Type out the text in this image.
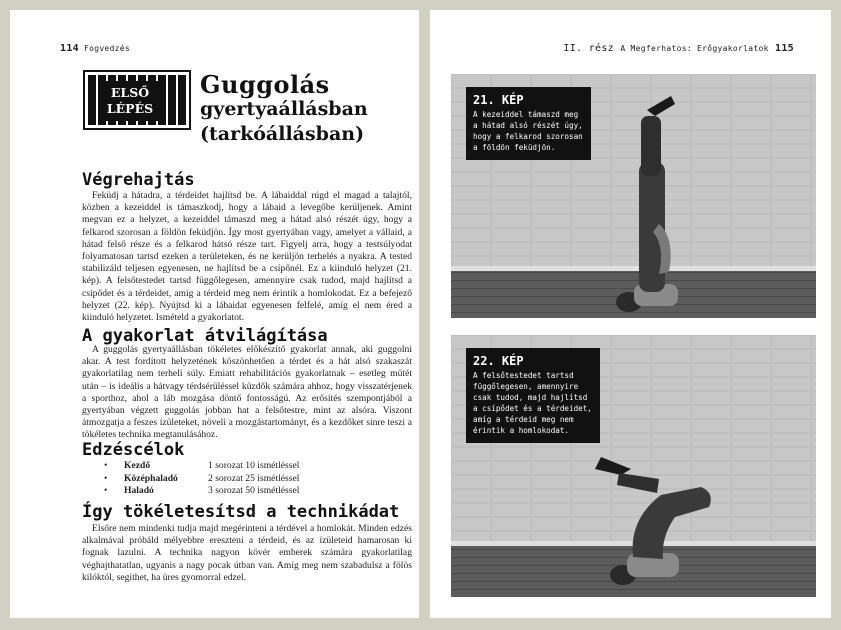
114 Fogvedzés
ELSŐ
LÉPÉS
Guggolás
gyertyaállásban
(tarkóállásban)
Végrehajtás

Feküdj a hátadra, a térdeidet hajlítsd be. A lábaiddal rúgd el magad a talajtól, közben a kezeiddel is támaszkodj, hogy a lábaid a levegőbe kerüljenek. Amint megvan ez a helyzet, a kezeiddel támaszd meg a hátad alsó részét úgy, hogy a felkarod szorosan a földön feküdjön. Így most gyertyában vagy, amelyet a vállaid, a hátad felső része és a felkarod hátsó része tart. Figyelj arra, hogy a testsúlyodat folyamatosan tartsd ezeken a területeken, és ne kerüljön terhelés a nyakra. A tested stabilizáld teljesen egyenesen, ne hajlítsd be a csípőnél. Ez a kiinduló helyzet (21. kép). A felsőtestedet tartsd függőlegesen, amennyire csak tudod, majd hajlítsd a csípődet és a térdeidet, amíg a térdeid meg nem érintik a homlokodat. Ez a befejező helyzet (22. kép). Nyújtsd ki a lábaidat egyenesen felfelé, amíg el nem éred a kiinduló helyzetet. Ismételd a gyakorlatot.

A gyakorlat átvilágítása

A guggolás gyertyaállásban tökéletes előkészítő gyakorlat annak, aki guggolni akar. A test fordított helyzetének köszönhetően a térdet és a hát alsó szakaszát gyakorlatilag nem terheli súly. Emiatt rehabilitációs gyakorlatnak – esetleg műtét után – is ideális a hátvagy térdsérüléssel küzdők számára ahhoz, hogy visszatérjenek a sporthoz, ahol a láb mozgása döntő fontosságú. Az erősítés szempontjából a gyertyában végzett guggolás jobban hat a felsőtestre, mint az alsóra. Viszont átmozgatja a feszes ízületeket, növeli a mozgástartományt, és a kezdőket sínre teszi a tökéletes technika megtanulásához.

Edzéscélok
•	Kezdő	1 sorozat 10 ismétléssel
•	Középhaladó	2 sorozat 25 ismétléssel
•	Haladó	3 sorozat 50 ismétléssel
Így tökéletesítsd a technikádat

Elsőre nem mindenki tudja majd megérinteni a térdével a homlokát. Minden edzés alkalmával próbáld mélyebbre ereszteni a térdeid, és az ízületeid hamarosan ki fognak lazulni. A technika nagyon kövér emberek számára gyakorlatilag véghajthatatlan, ugyanis a nagy pocak útban van. Amíg meg nem szabadulsz a fölös kilóktól, segíthet, ha üres gyomorral edzel.

II. rész A Megferhatos: Erőgyakorlatok 115
21. KÉP
A kezeiddel támaszd meg
a hátad alsó részét úgy,
hogy a felkarod szorosan
a földön feküdjön.
22. KÉP
A felsőtestedet tartsd
függőlegesen, amennyire
csak tudod, majd hajlítsd
a csípődet és a térdeidet,
amíg a térdeid meg nem
érintik a homlokodat.
